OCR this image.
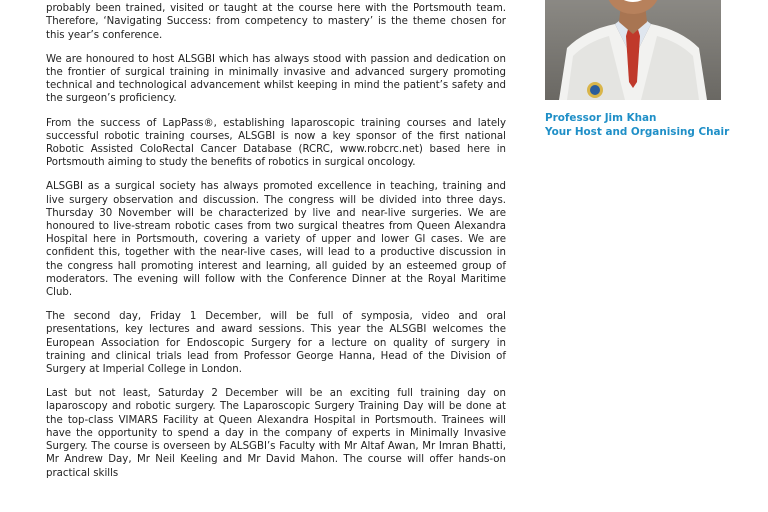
probably been trained, visited or taught at the course here with the Portsmouth team. Therefore, ‘Navigating Success: from competency to mastery’ is the theme chosen for this year’s conference.

We are honoured to host ALSGBI which has always stood with passion and dedication on the frontier of surgical training in minimally invasive and advanced surgery promoting technical and technological advancement whilst keeping in mind the patient’s safety and the surgeon’s proficiency.

From the success of LapPass®, establishing laparoscopic training courses and lately successful robotic training courses, ALSGBI is now a key sponsor of the first national Robotic Assisted ColoRectal Cancer Database (RCRC, www.robcrc.net) based here in Portsmouth aiming to study the benefits of robotics in surgical oncology.

ALSGBI as a surgical society has always promoted excellence in teaching, training and live surgery observation and discussion. The congress will be divided into three days. Thursday 30 November will be characterized by live and near-live surgeries. We are honoured to live-stream robotic cases from two surgical theatres from Queen Alexandra Hospital here in Portsmouth, covering a variety of upper and lower GI cases. We are confident this, together with the near-live cases, will lead to a productive discussion in the congress hall promoting interest and learning, all guided by an esteemed group of moderators. The evening will follow with the Conference Dinner at the Royal Maritime Club.

The second day, Friday 1 December, will be full of symposia, video and oral presentations, key lectures and award sessions. This year the ALSGBI welcomes the European Association for Endoscopic Surgery for a lecture on quality of surgery in training and clinical trials lead from Professor George Hanna, Head of the Division of Surgery at Imperial College in London.

Last but not least, Saturday 2 December will be an exciting full training day on laparoscopy and robotic surgery. The Laparoscopic Surgery Training Day will be done at the top-class VIMARS Facility at Queen Alexandra Hospital in Portsmouth. Trainees will have the opportunity to spend a day in the company of experts in Minimally Invasive Surgery. The course is overseen by ALSGBI’s Faculty with Mr Altaf Awan, Mr Imran Bhatti, Mr Andrew Day, Mr Neil Keeling and Mr David Mahon. The course will offer hands-on practical skills

Professor Jim Khan
Your Host and Organising Chair
